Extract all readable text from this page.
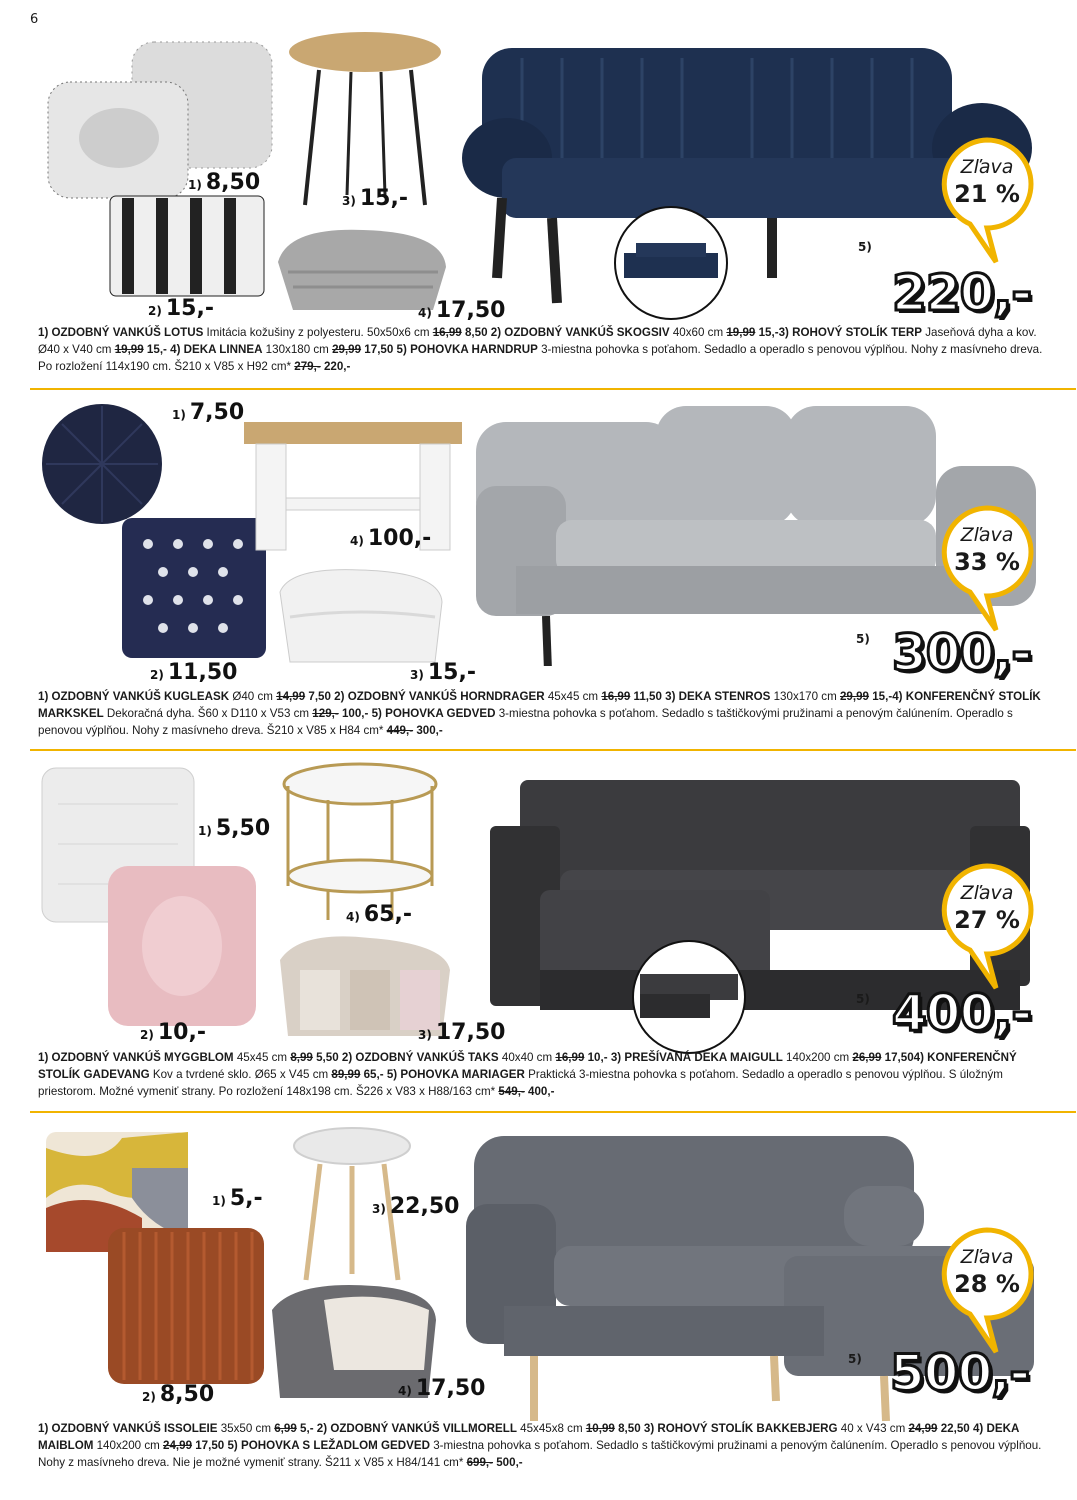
6
1) 8,50
2) 15,-
3) 15,-
4) 17,50
5)
Zľava
21 %
220,-
1) OZDOBNÝ VANKÚŠ LOTUS Imitácia kožušiny z polyesteru. 50x50x6 cm 16,99 8,50 2) OZDOBNÝ VANKÚŠ SKOGSIV 40x60 cm 19,99 15,-3) ROHOVÝ STOLÍK TERP Jaseňová dyha a kov. Ø40 x V40 cm 19,99 15,- 4) DEKA LINNEA 130x180 cm 29,99 17,50 5) POHOVKA HARNDRUP 3-miestna pohovka s poťahom. Sedadlo a operadlo s penovou výplňou. Nohy z masívneho dreva. Po rozložení 114x190 cm. Š210 x V85 x H92 cm* 279,- 220,-
1) 7,50
2) 11,50	3) 15,-
4) 100,-
5)
Zľava
33 %
300,-
1) OZDOBNÝ VANKÚŠ KUGLEASK Ø40 cm 14,99 7,50 2) OZDOBNÝ VANKÚŠ HORNDRAGER 45x45 cm 16,99 11,50 3) DEKA STENROS 130x170 cm 29,99 15,-4) KONFERENČNÝ STOLÍK MARKSKEL Dekoračná dyha. Š60 x D110 x V53 cm 129,- 100,- 5) POHOVKA GEDVED 3-miestna pohovka s poťahom. Sedadlo s taštičkovými pružinami a penovým čalúnením. Operadlo s penovou výplňou. Nohy z masívneho dreva. Š210 x V85 x H84 cm* 449,- 300,-
1) 5,50
2) 10,-	3) 17,50
4) 65,-
5)
Zľava
27 %
400,-
1) OZDOBNÝ VANKÚŠ MYGGBLOM 45x45 cm 8,99 5,50 2) OZDOBNÝ VANKÚŠ TAKS 40x40 cm 16,99 10,- 3) PREŠÍVANÁ DEKA MAIGULL 140x200 cm 26,99 17,504) KONFERENČNÝ STOLÍK GADEVANG Kov a tvrdené sklo. Ø65 x V45 cm 89,99 65,- 5) POHOVKA MARIAGER Praktická 3-miestna pohovka s poťahom. Sedadlo a operadlo s penovou výplňou. S úložným priestorom. Možné vymeniť strany. Po rozložení 148x198 cm. Š226 x V83 x H88/163 cm* 549,- 400,-
1) 5,-
2) 8,50
3) 22,50
4) 17,50
5)
Zľava
28 %
500,-
1) OZDOBNÝ VANKÚŠ ISSOLEIE 35x50 cm 6,99 5,- 2) OZDOBNÝ VANKÚŠ VILLMORELL 45x45x8 cm 10,99 8,50 3) ROHOVÝ STOLÍK BAKKEBJERG 40 x V43 cm 24,99 22,50 4) DEKA MAIBLOM 140x200 cm 24,99 17,50 5) POHOVKA S LEŽADLOM GEDVED 3-miestna pohovka s poťahom. Sedadlo s taštičkovými pružinami a penovým čalúnením. Operadlo s penovou výplňou. Nohy z masívneho dreva. Nie je možné vymeniť strany. Š211 x V85 x H84/141 cm* 699,- 500,-
